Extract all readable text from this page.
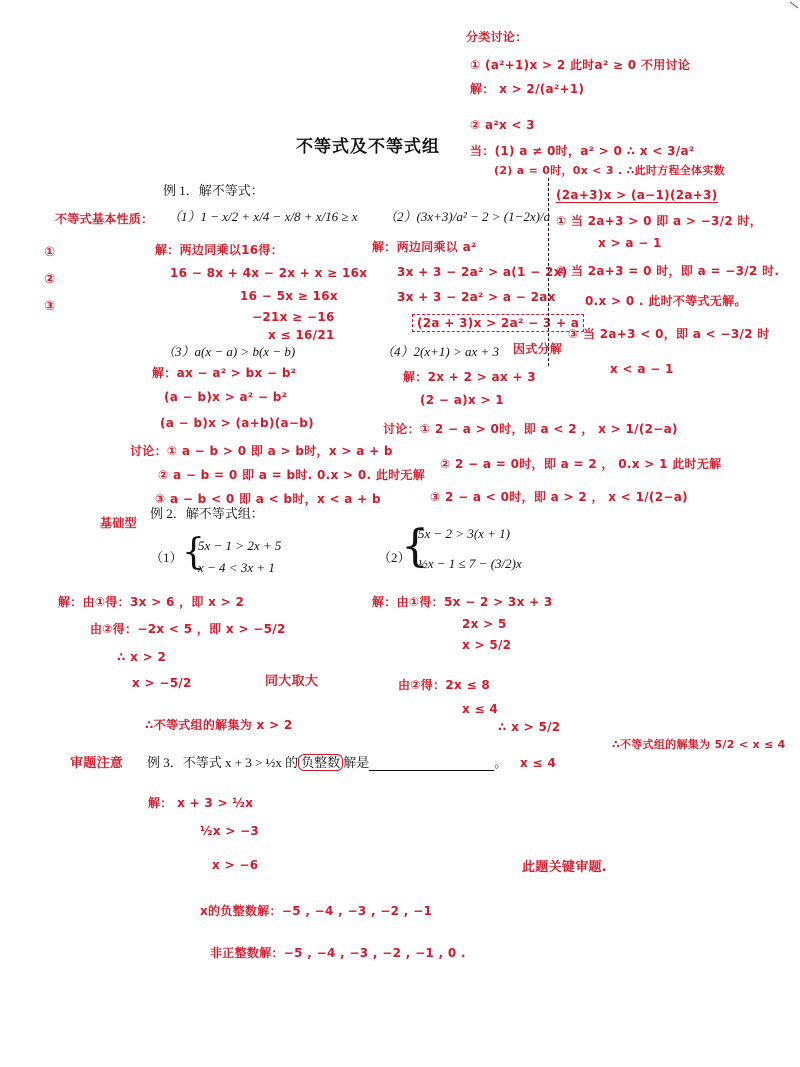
不等式及不等式组
例 1．解不等式：
（1）1 − x/2 + x/4 − x/8 + x/16 ≥ x （2）(3x+3)/a² − 2 > (1−2x)/a
（3）a(x − a) > b(x − b)	（4）2(x+1) > ax + 3
例 2．解不等式组：
（1） {
5x − 1 > 2x + 5
x − 4 < 3x + 1
（2）
{
5x − 2 > 3(x + 1)
½x − 1 ≤ 7 − (3/2)x
例 3．不等式 x + 3 > ½x 的 负整数 解是	。
分类讨论：
① (a²+1)x > 2 此时a² ≥ 0 不用讨论
解： x > 2/(a²+1)
② a²x < 3
当：(1) a ≠ 0时，a² > 0 ∴ x < 3/a²
(2) a = 0时，0x < 3 . ∴此时方程全体实数
不等式基本性质：
①
②
③
解：两边同乘以16得：
16 − 8x + 4x − 2x + x ≥ 16x
16 − 5x ≥ 16x
−21x ≥ −16
x ≤ 16/21
解：两边同乘以 a²
3x + 3 − 2a² > a(1 − 2x)
3x + 3 − 2a² > a − 2ax
(2a + 3)x > 2a² − 3 + a
因式分解
(2a+3)x > (a−1)(2a+3)
① 当 2a+3 > 0 即 a > −3/2 时，
x > a − 1
② 当 2a+3 = 0 时，即 a = −3/2 时.
0.x > 0 . 此时不等式无解。
③ 当 2a+3 < 0，即 a < −3/2 时
x < a − 1
解：ax − a² > bx − b²
(a − b)x > a² − b²
(a − b)x > (a+b)(a−b)
讨论：① a − b > 0 即 a > b时，x > a + b
② a − b = 0 即 a = b时. 0.x > 0. 此时无解
③ a − b < 0 即 a < b时，x < a + b
解：2x + 2 > ax + 3
(2 − a)x > 1
讨论：① 2 − a > 0时，即 a < 2 ， x > 1/(2−a)
② 2 − a = 0时，即 a = 2 ， 0.x > 1 此时无解
③ 2 − a < 0时，即 a > 2 ， x < 1/(2−a)
基础型
解：由①得：3x > 6 ，即 x > 2
由②得：−2x < 5 ，即 x > −5/2
∴ x > 2
x > −5/2	同大取大
∴不等式组的解集为 x > 2
解：由①得：5x − 2 > 3x + 3
2x > 5
x > 5/2
由②得：2x ≤ 8
x ≤ 4
∴ x > 5/2
x ≤ 4
∴不等式组的解集为 5/2 < x ≤ 4
审题注意
解： x + 3 > ½x
½x > −3
x > −6
x的负整数解：−5 , −4 , −3 , −2 , −1
非正整数解：−5 , −4 , −3 , −2 , −1 , 0 .
此题关键审题.
